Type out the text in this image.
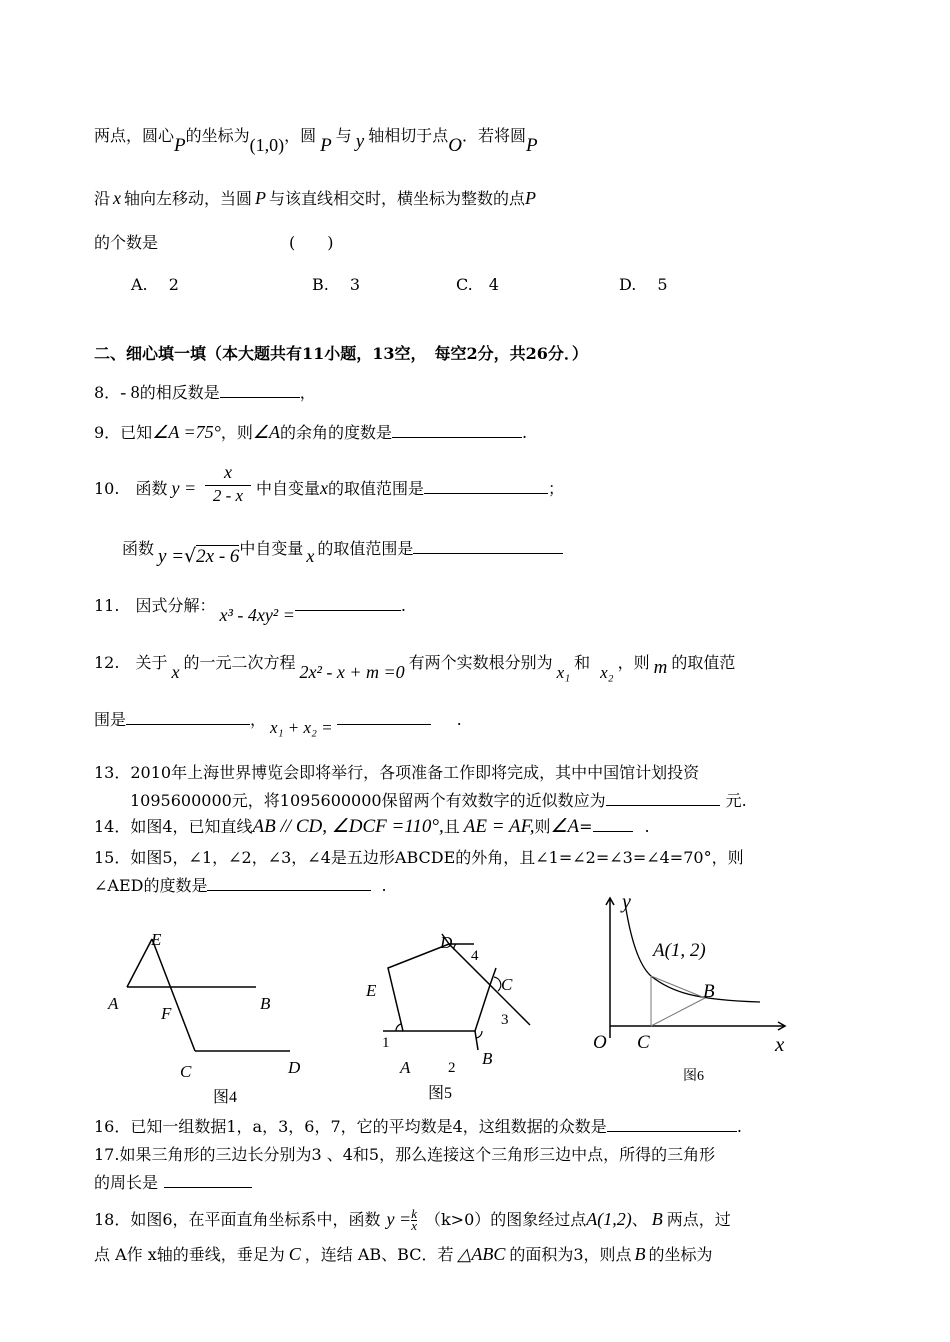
两点，圆心P的坐标为(1,0)，圆 P 与 y 轴相切于点O．若将圆P
沿 x 轴向左移动，当圆 P 与该直线相交时，横坐标为整数的点P
的个数是	(　　)
A.　 2	B.　 3	C.　4	D.　 5
二、细心填一填（本大题共有11小题，13空，　每空2分，共26分．）
8．- 8的相反数是	，
9．已知∠A =75°，则∠A的余角的度数是	.
10.　函数 y =
x
2 - x 中自变量x的取值范围是	；
函数 y =√2x - 6中自变量 x 的取值范围是
11.　因式分解： x³ - 4xy² =	.
12.　关于 x 的一元二次方程 2x² - x + m =0 有两个实数根分别为x₁和x₂，则 m 的取值范
围是	， x₁ + x₂ =	.
13．2010年上海世界博览会即将举行，各项准备工作即将完成，其中中国馆计划投资
1095600000元，将1095600000保留两个有效数字的近似数应为	元.
14．如图4，已知直线AB // CD, ∠DCF =110°,且 AE = AF,则∠A=	.
15．如图5，∠1，∠2，∠3，∠4是五边形ABCDE的外角，且∠1=∠2=∠3=∠4=70°，则
∠AED的度数是	.
E
A	B
F
C	D
图4
D
4
C
E
3
1
A	2 B
图5
y
A(1, 2)
B
O C	x
图6
16．已知一组数据1，a，3，6，7，它的平均数是4，这组数据的众数是	.
17.如果三角形的三边长分别为3 、4和5，那么连接这个三角形三边中点，所得的三角形
的周长是
18．如图6，在平面直角坐标系中，函数 $y = \frac{k}{x} (k>0)$的图象经过点A(1,2)、 B 两点，过
点 A作 x轴的垂线，垂足为 C ，连结 AB、BC．若 △ABC 的面积为3，则点 B 的坐标为
